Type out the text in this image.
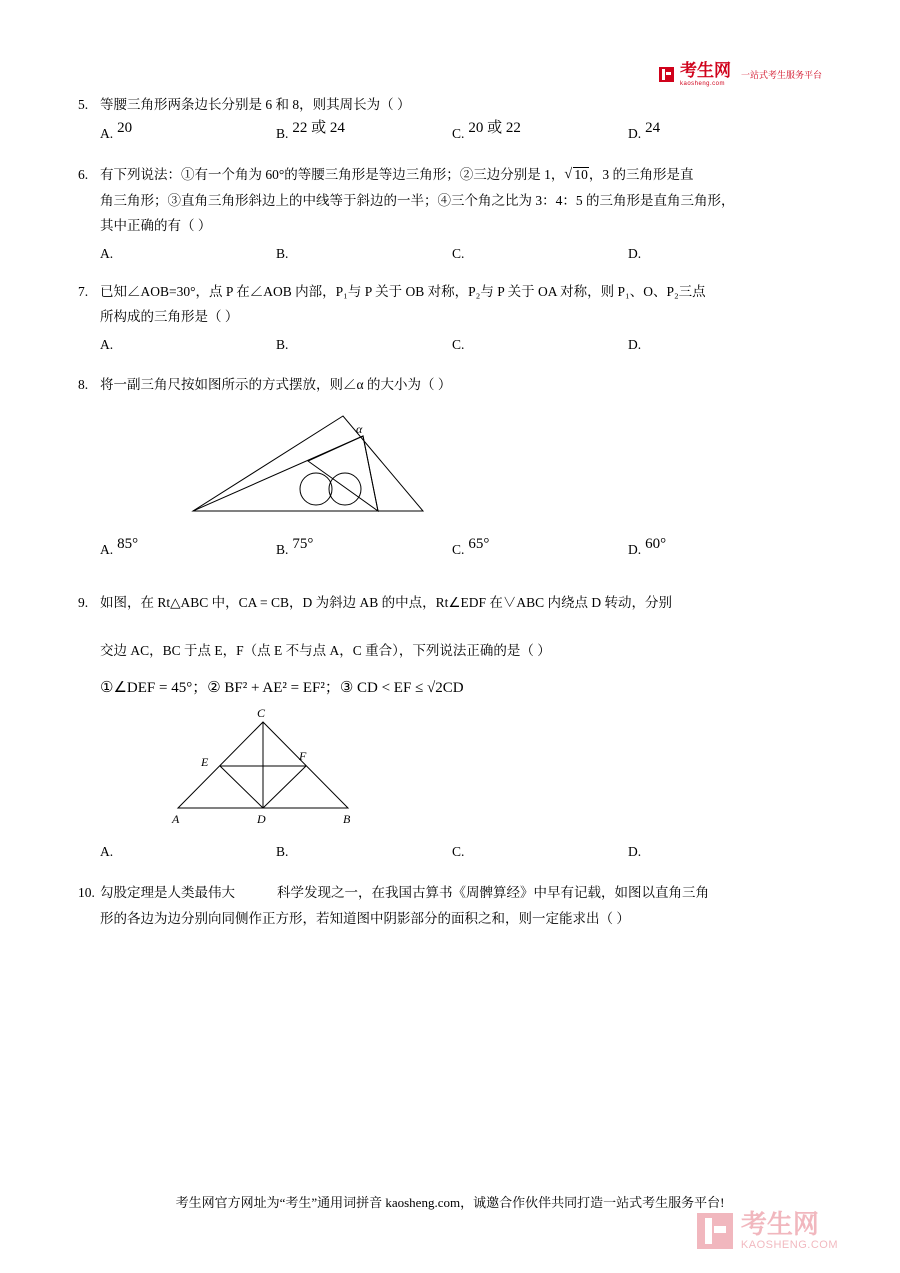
考生网
kaosheng.com
一站式考生服务平台
5. 等腰三角形两条边长分别是 6 和 8，则其周长为（ ）
A. 20	B. 22 或 24	C. 20 或 22	D. 24
6. 有下列说法：①有一个角为 60°的等腰三角形是等边三角形；②三边分别是 1， √ 10，3 的三角形是直
角三角形；③直角三角形斜边上的中线等于斜边的一半；④三个角之比为 3：4：5 的三角形是直角三角形，
其中正确的有（ ）
A.	B.	C.	D.
7. 已知∠AOB=30°，点 P 在∠AOB 内部，P₁与 P 关于 OB 对称，P₂与 P 关于 OA 对称，则 P₁、O、P₂三点
所构成的三角形是（ ）
A.	B.	C.	D.
8. 将一副三角尺按如图所示的方式摆放，则∠α 的大小为（ ）
α
A. 85°	B. 75°	C. 65°	D. 60°
9. 如图，在 Rt△ABC 中，CA = CB，D 为斜边 AB 的中点，Rt∠EDF 在∨ABC 内绕点 D 转动，分别
交边 AC，BC 于点 E，F（点 E 不与点 A，C 重合），下列说法正确的是（ ）
①∠DEF = 45°；② BF² + AE² = EF²；③ CD < EF ≤ √2CD
C
F
E
A	D	B
A.	B.	C.	D.
10. 勾股定理是人类最伟大	科学发现之一，在我国古算书《周髀算经》中早有记载，如图以直角三角
形的各边为边分别向同侧作正方形，若知道图中阴影部分的面积之和，则一定能求出（ ）
考生网官方网址为“考生”通用词拼音 kaosheng.com，诚邀合作伙伴共同打造一站式考生服务平台!
考生网
KAOSHENG.COM
